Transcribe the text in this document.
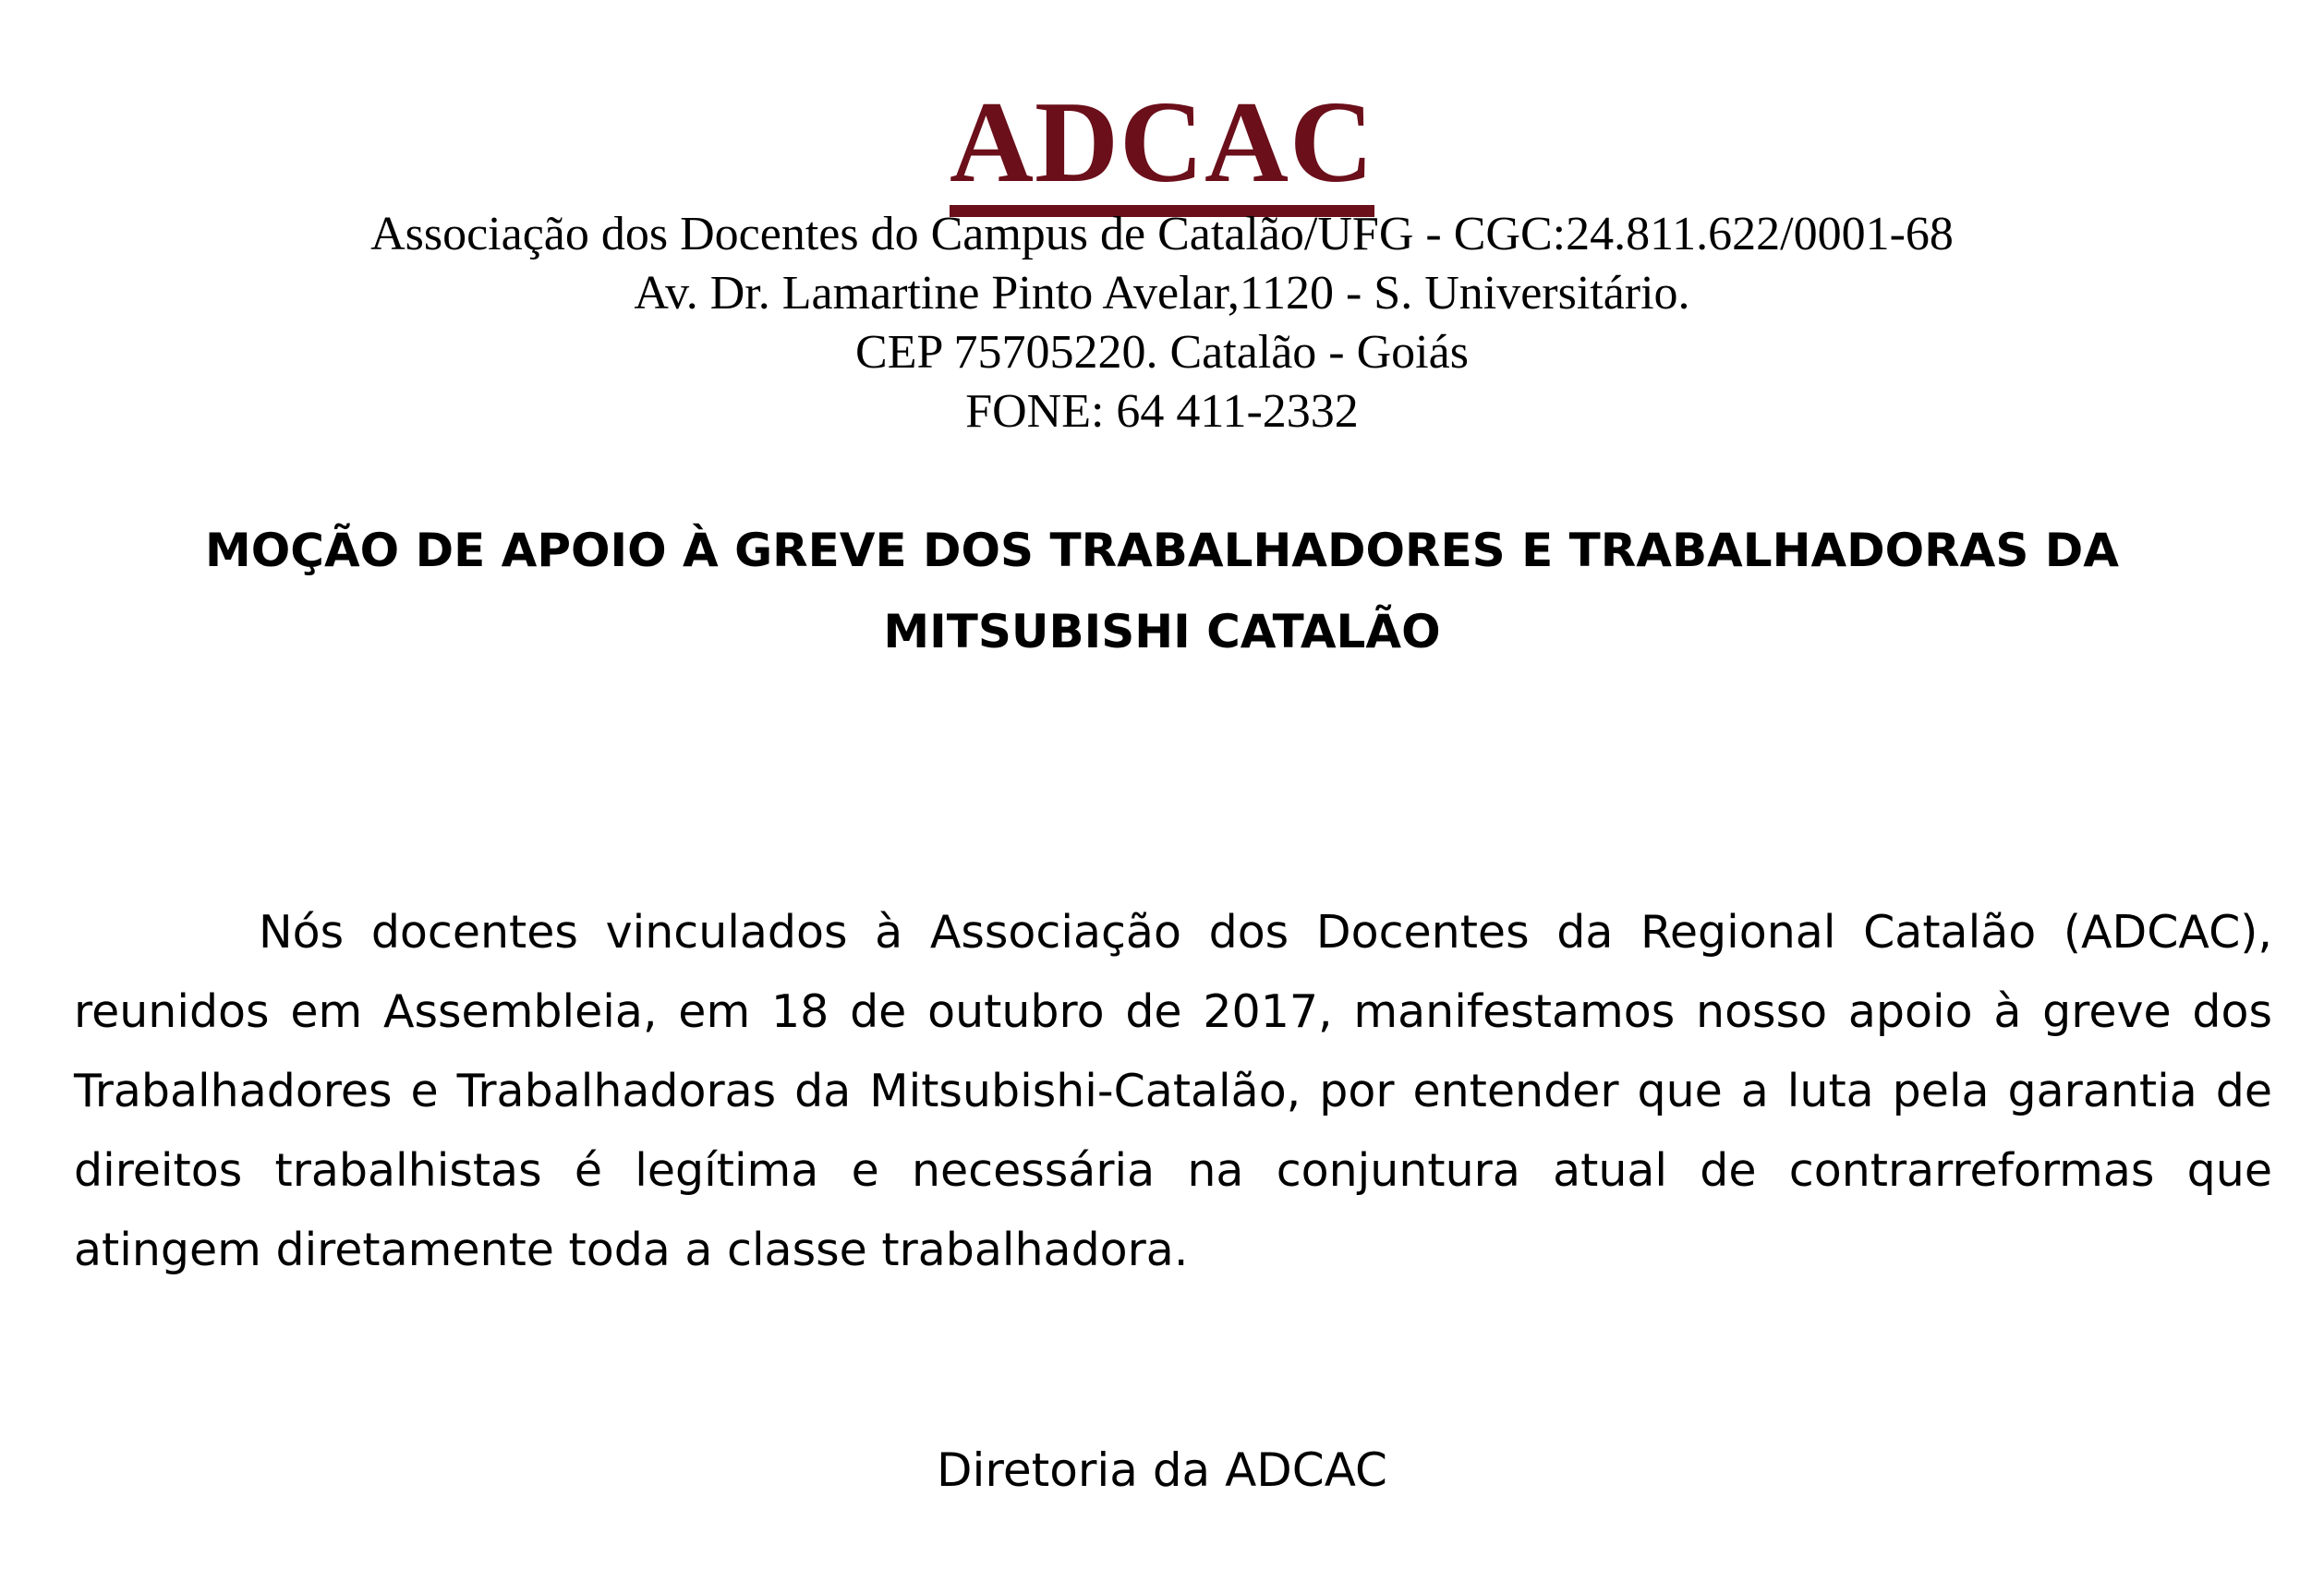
ADCAC
Associação dos Docentes do Campus de Catalão/UFG - CGC:24.811.622/0001-68
Av. Dr. Lamartine Pinto Avelar,1120 - S. Universitário.
CEP 75705220. Catalão - Goiás
FONE: 64 411-2332
MOÇÃO DE APOIO À GREVE DOS TRABALHADORES E TRABALHADORAS DA MITSUBISHI CATALÃO

Nós docentes vinculados à Associação dos Docentes da Regional Catalão (ADCAC), reunidos em Assembleia, em 18 de outubro de 2017, manifestamos nosso apoio à greve dos Trabalhadores e Trabalhadoras da Mitsubishi-Catalão, por entender que a luta pela garantia de direitos trabalhistas é legítima e necessária na conjuntura atual de contrarreformas que atingem diretamente toda a classe trabalhadora.

Diretoria da ADCAC
